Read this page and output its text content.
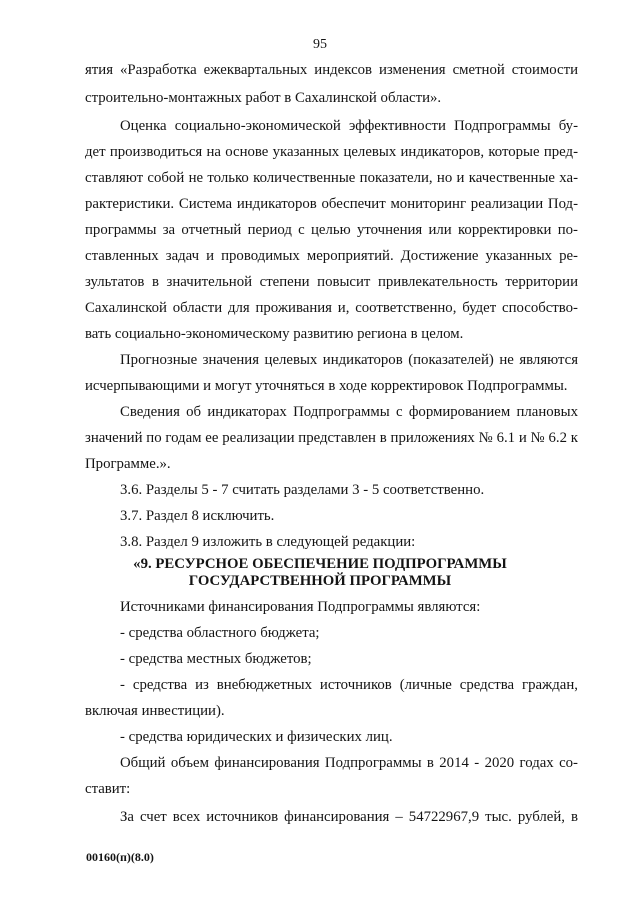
95
ятия «Разработка ежеквартальных индексов изменения сметной стоимости
строительно-монтажных работ в Сахалинской области».
Оценка социально-экономической эффективности Подпрограммы бу-
дет производиться на основе указанных целевых индикаторов, которые пред-
ставляют собой не только количественные показатели, но и качественные ха-
рактеристики. Система индикаторов обеспечит мониторинг реализации Под-
программы за отчетный период с целью уточнения или корректировки по-
ставленных задач и проводимых мероприятий. Достижение указанных ре-
зультатов в значительной степени повысит привлекательность территории
Сахалинской области для проживания и, соответственно, будет способство-
вать социально-экономическому развитию региона в целом.
Прогнозные значения целевых индикаторов (показателей) не являются
исчерпывающими и могут уточняться в ходе корректировок Подпрограммы.
Сведения об индикаторах Подпрограммы с формированием плановых
значений по годам ее реализации представлен в приложениях № 6.1 и № 6.2 к
Программе.».
3.6. Разделы 5 - 7 считать разделами 3 - 5 соответственно.
3.7. Раздел 8 исключить.
3.8. Раздел 9 изложить в следующей редакции:
«9. РЕСУРСНОЕ ОБЕСПЕЧЕНИЕ ПОДПРОГРАММЫ
ГОСУДАРСТВЕННОЙ ПРОГРАММЫ
Источниками финансирования Подпрограммы являются:
- средства областного бюджета;
- средства местных бюджетов;
- средства из внебюджетных источников (личные средства граждан,
включая инвестиции).
- средства юридических и физических лиц.
Общий объем финансирования Подпрограммы в 2014 - 2020 годах со-
ставит:
За счет всех источников финансирования – 54722967,9 тыс. рублей, в
00160(п)(8.0)
